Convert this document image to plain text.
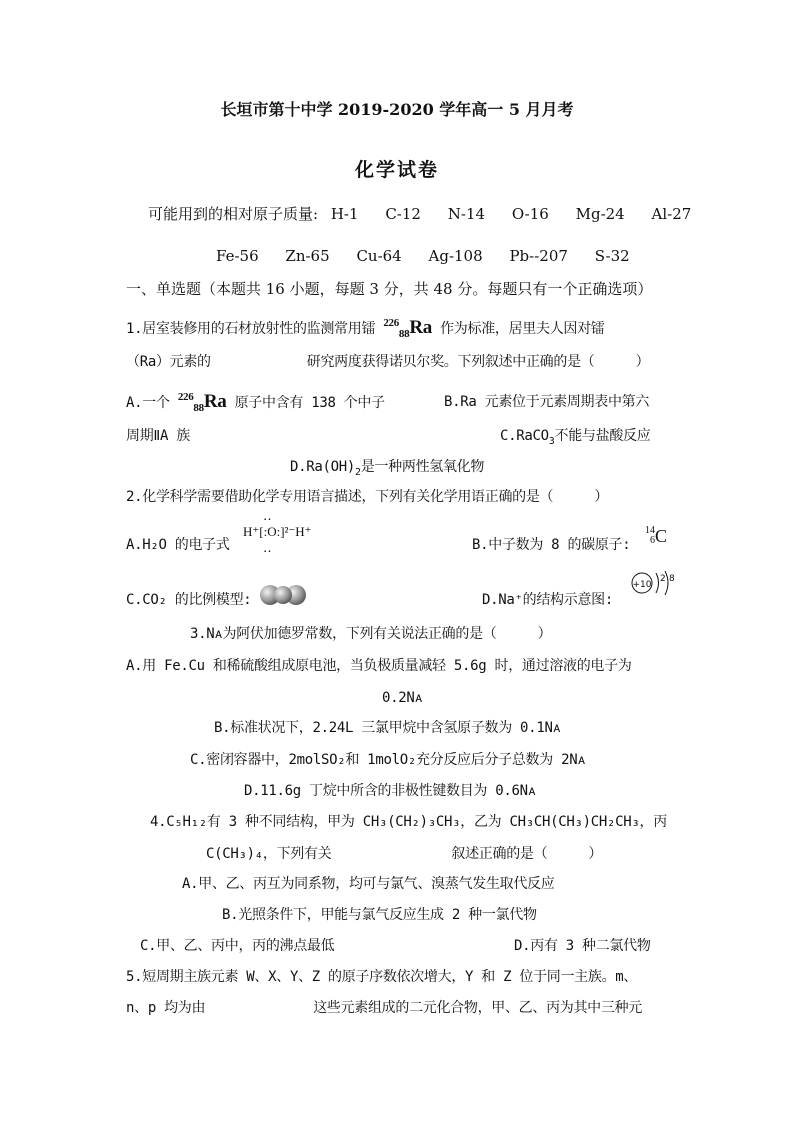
长垣市第十中学 2019-2020 学年高一 5 月月考
化学试卷
可能用到的相对原子质量: H-1 C-12 N-14 O-16 Mg-24 Al-27
Fe-56 Zn-65 Cu-64 Ag-108 Pb--207 S-32
一、单选题（本题共 16 小题，每题 3 分，共 48 分。每题只有一个正确选项）
1.居室装修用的石材放射性的监测常用镭 $^{226}_{88}$Ra 作为标准，居里夫人因对镭
（Ra）元素的	研究两度获得诺贝尔奖。下列叙述中正确的是（　　　）
A.一个 $^{226}_{88}$Ra 原子中含有 138 个中子	B.Ra 元素位于元素周期表中第六
周期ⅡA 族	C.RaCO$_3$不能与盐酸反应
$D.Ra(OH)_2$是一种两性氢氧化物
2.化学科学需要借助化学专用语言描述，下列有关化学用语正确的是（　　　）
A.H₂O 的电子式
‥
H⁺[:O:]²⁻H⁺
‥	B.中子数为 8 的碳原子:
14
6C
C.CO₂ 的比例模型:	D.Na⁺的结构示意图:
+10
2 8
3.Nᴀ为阿伏加德罗常数，下列有关说法正确的是（　　　）
A.用 Fe.Cu 和稀硫酸组成原电池，当负极质量减轻 5.6g 时，通过溶液的电子为
0.2Nᴀ
B.标准状况下，2.24L 三氯甲烷中含氢原子数为 0.1Nᴀ
C.密闭容器中，2molSO₂和 1molO₂充分反应后分子总数为 2Nᴀ
D.11.6g 丁烷中所含的非极性键数目为 0.6Nᴀ
4.C₅H₁₂有 3 种不同结构，甲为 CH₃(CH₂)₃CH₃，乙为 CH₃CH(CH₃)CH₂CH₃，丙
C(CH₃)₄，下列有关	叙述正确的是（　　　）
A.甲、乙、丙互为同系物，均可与氯气、溴蒸气发生取代反应
B.光照条件下，甲能与氯气反应生成 2 种一氯代物
C.甲、乙、丙中，丙的沸点最低	D.丙有 3 种二氯代物
5.短周期主族元素 W、X、Y、Z 的原子序数依次增大，Y 和 Z 位于同一主族。m、
n、p 均为由	这些元素组成的二元化合物，甲、乙、丙为其中三种元
